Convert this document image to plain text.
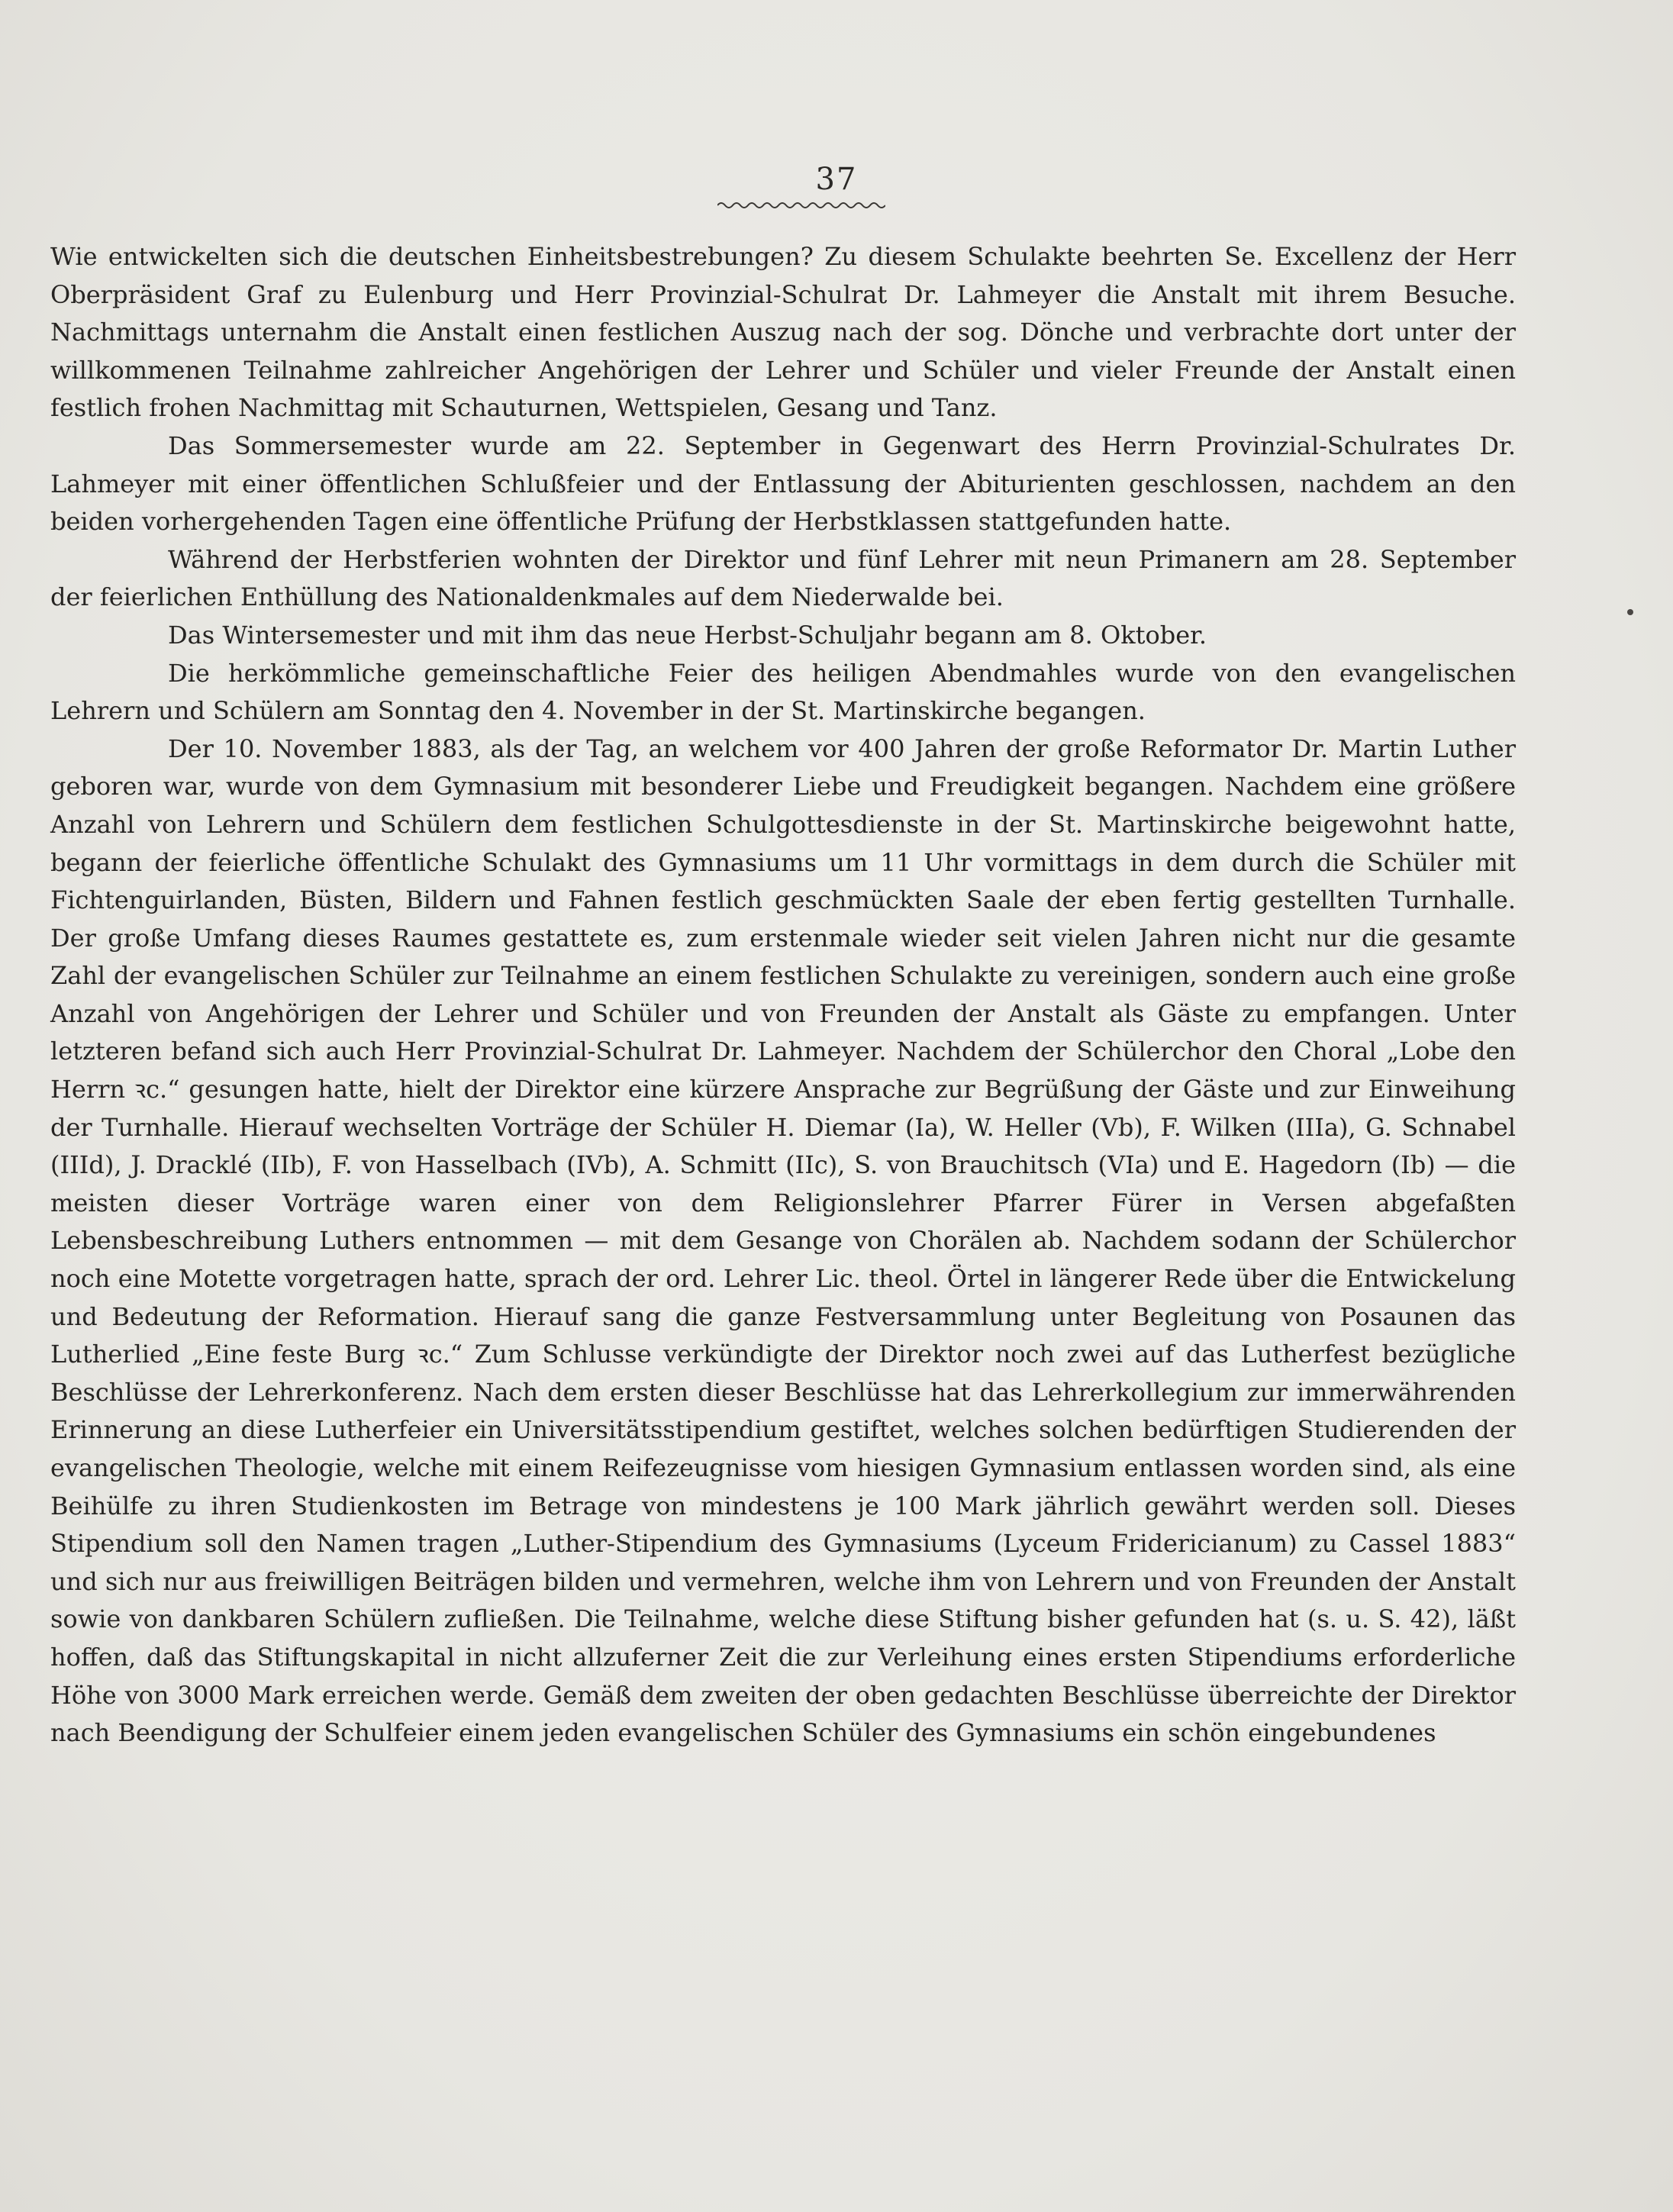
37

Wie entwickelten sich die deutschen Einheitsbestrebungen? Zu diesem Schulakte beehrten Se. Excellenz der Herr Oberpräsident Graf zu Eulenburg und Herr Provinzial-Schulrat Dr. Lahmeyer die Anstalt mit ihrem Besuche. Nachmittags unternahm die Anstalt einen festlichen Auszug nach der sog. Dönche und verbrachte dort unter der willkommenen Teilnahme zahlreicher Angehörigen der Lehrer und Schüler und vieler Freunde der Anstalt einen festlich frohen Nachmittag mit Schauturnen, Wettspielen, Gesang und Tanz.

Das Sommersemester wurde am 22. September in Gegenwart des Herrn Provinzial-Schulrates Dr. Lahmeyer mit einer öffentlichen Schlußfeier und der Entlassung der Abiturienten geschlossen, nachdem an den beiden vorhergehenden Tagen eine öffentliche Prüfung der Herbstklassen stattgefunden hatte.

Während der Herbstferien wohnten der Direktor und fünf Lehrer mit neun Primanern am 28. September der feierlichen Enthüllung des Nationaldenkmales auf dem Niederwalde bei.

Das Wintersemester und mit ihm das neue Herbst-Schuljahr begann am 8. Oktober.

Die herkömmliche gemeinschaftliche Feier des heiligen Abendmahles wurde von den evangelischen Lehrern und Schülern am Sonntag den 4. November in der St. Martinskirche begangen.

Der 10. November 1883, als der Tag, an welchem vor 400 Jahren der große Reformator Dr. Martin Luther geboren war, wurde von dem Gymnasium mit besonderer Liebe und Freudigkeit begangen. Nachdem eine größere Anzahl von Lehrern und Schülern dem festlichen Schulgottesdienste in der St. Martinskirche beigewohnt hatte, begann der feierliche öffentliche Schulakt des Gymnasiums um 11 Uhr vormittags in dem durch die Schüler mit Fichtenguirlanden, Büsten, Bildern und Fahnen festlich geschmückten Saale der eben fertig gestellten Turnhalle. Der große Umfang dieses Raumes gestattete es, zum erstenmale wieder seit vielen Jahren nicht nur die gesamte Zahl der evangelischen Schüler zur Teilnahme an einem festlichen Schulakte zu vereinigen, sondern auch eine große Anzahl von Angehörigen der Lehrer und Schüler und von Freunden der Anstalt als Gäste zu empfangen. Unter letzteren befand sich auch Herr Provinzial-Schulrat Dr. Lahmeyer. Nachdem der Schülerchor den Choral „Lobe den Herrn ꝛc.“ gesungen hatte, hielt der Direktor eine kürzere Ansprache zur Begrüßung der Gäste und zur Einweihung der Turnhalle. Hierauf wechselten Vorträge der Schüler H. Diemar (Ia), W. Heller (Vb), F. Wilken (IIIa), G. Schnabel (IIId), J. Dracklé (IIb), F. von Hasselbach (IVb), A. Schmitt (IIc), S. von Brauchitsch (VIa) und E. Hagedorn (Ib) — die meisten dieser Vorträge waren einer von dem Religionslehrer Pfarrer Fürer in Versen abgefaßten Lebensbeschreibung Luthers entnommen — mit dem Gesange von Chorälen ab. Nachdem sodann der Schülerchor noch eine Motette vorgetragen hatte, sprach der ord. Lehrer Lic. theol. Örtel in längerer Rede über die Entwickelung und Bedeutung der Reformation. Hierauf sang die ganze Festversammlung unter Begleitung von Posaunen das Lutherlied „Eine feste Burg ꝛc.“ Zum Schlusse verkündigte der Direktor noch zwei auf das Lutherfest bezügliche Beschlüsse der Lehrerkonferenz. Nach dem ersten dieser Beschlüsse hat das Lehrerkollegium zur immerwährenden Erinnerung an diese Lutherfeier ein Universitätsstipendium gestiftet, welches solchen bedürftigen Studierenden der evangelischen Theologie, welche mit einem Reifezeugnisse vom hiesigen Gymnasium entlassen worden sind, als eine Beihülfe zu ihren Studienkosten im Betrage von mindestens je 100 Mark jährlich gewährt werden soll. Dieses Stipendium soll den Namen tragen „Luther-Stipendium des Gymnasiums (Lyceum Fridericianum) zu Cassel 1883“ und sich nur aus freiwilligen Beiträgen bilden und vermehren, welche ihm von Lehrern und von Freunden der Anstalt sowie von dankbaren Schülern zufließen. Die Teilnahme, welche diese Stiftung bisher gefunden hat (s. u. S. 42), läßt hoffen, daß das Stiftungskapital in nicht allzuferner Zeit die zur Verleihung eines ersten Stipendiums erforderliche Höhe von 3000 Mark erreichen werde. Gemäß dem zweiten der oben gedachten Beschlüsse überreichte der Direktor nach Beendigung der Schulfeier einem jeden evangelischen Schüler des Gymnasiums ein schön eingebundenes
